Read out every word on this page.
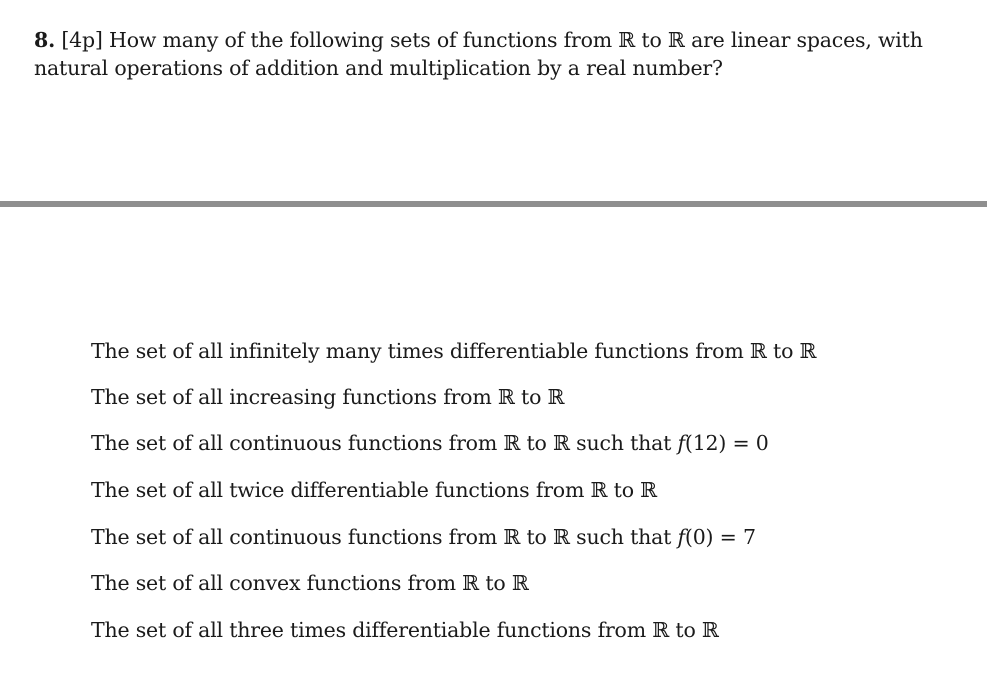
8. [4p] How many of the following sets of functions from ℝ to ℝ are linear spaces, with
natural operations of addition and multiplication by a real number?
The set of all infinitely many times differentiable functions from ℝ to ℝ
The set of all increasing functions from ℝ to ℝ
The set of all continuous functions from ℝ to ℝ such that 𝑓(12) = 0
The set of all twice differentiable functions from ℝ to ℝ
The set of all continuous functions from ℝ to ℝ such that 𝑓(0) = 7
The set of all convex functions from ℝ to ℝ
The set of all three times differentiable functions from ℝ to ℝ
